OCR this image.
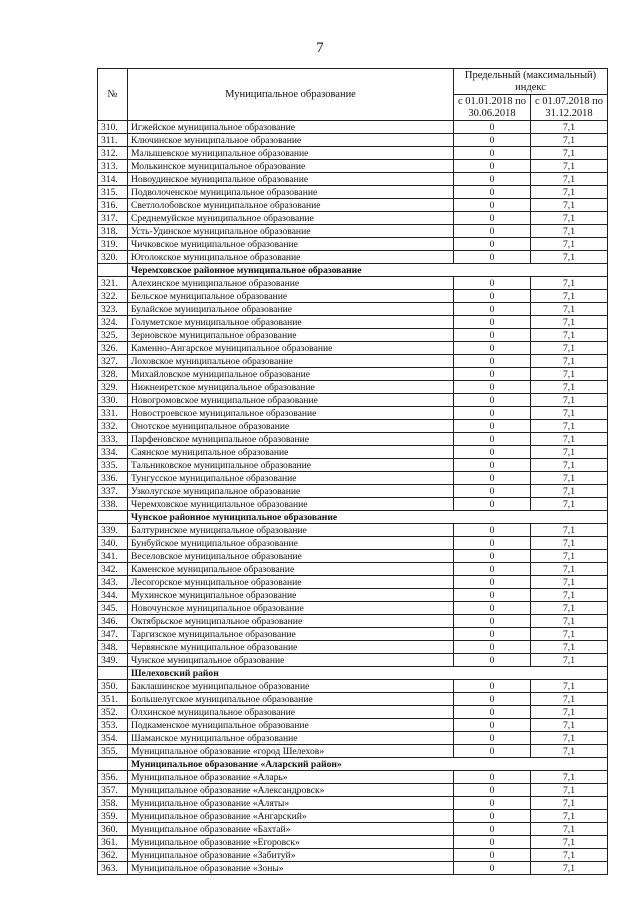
7
№	Муниципальное образование	Предельный (максимальный) индекс	
		с 01.01.2018 по 30.06.2018	с 01.07.2018 по 31.12.2018
310.	Игжейское муниципальное образование	0	7,1
311.	Ключинское муниципальное образование	0	7,1
312.	Малышевское муниципальное образование	0	7,1
313.	Молькинское муниципальное образование	0	7,1
314.	Новоудинское муниципальное образование	0	7,1
315.	Подволоченское муниципальное образование	0	7,1
316.	Светлолобовское муниципальное образование	0	7,1
317.	Среднемуйское муниципальное образование	0	7,1
318.	Усть-Удинское муниципальное образование	0	7,1
319.	Чичковское муниципальное образование	0	7,1
320.	Юголокское муниципальное образование	0	7,1
	Черемховское районное муниципальное образование		
321.	Алехинское муниципальное образование	0	7,1
322.	Бельское муниципальное образование	0	7,1
323.	Булайское муниципальное образование	0	7,1
324.	Голуметское муниципальное образование	0	7,1
325.	Зерновское муниципальное образование	0	7,1
326.	Каменно-Ангарское муниципальное образование	0	7,1
327.	Лоховское муниципальное образование	0	7,1
328.	Михайловское муниципальное образование	0	7,1
329.	Нижнеиретское муниципальное образование	0	7,1
330.	Новогромовское муниципальное образование	0	7,1
331.	Новостроевское муниципальное образование	0	7,1
332.	Онотское муниципальное образование	0	7,1
333.	Парфеновское муниципальное образование	0	7,1
334.	Саянское муниципальное образование	0	7,1
335.	Тальниковское муниципальное образование	0	7,1
336.	Тунгусское муниципальное образование	0	7,1
337.	Узколугское муниципальное образование	0	7,1
338.	Черемховское муниципальное образование	0	7,1
	Чунское районное муниципальное образование		
339.	Балтуринское муниципальное образование	0	7,1
340.	Бунбуйское муниципальное образование	0	7,1
341.	Веселовское муниципальное образование	0	7,1
342.	Каменское муниципальное образование	0	7,1
343.	Лесогорское муниципальное образование	0	7,1
344.	Мухинское муниципальное образование	0	7,1
345.	Новочунское муниципальное образование	0	7,1
346.	Октябрьское муниципальное образование	0	7,1
347.	Таргизское муниципальное образование	0	7,1
348.	Червянское муниципальное образование	0	7,1
349.	Чунское муниципальное образование	0	7,1
	Шелеховский район		
350.	Баклашинское муниципальное образование	0	7,1
351.	Большелугское муниципальное образование	0	7,1
352.	Олхинское муниципальное образование	0	7,1
353.	Подкаменское муниципальное образование	0	7,1
354.	Шаманское муниципальное образование	0	7,1
355.	Муниципальное образование «город Шелехов»	0	7,1
	Муниципальное образование «Аларский район»		
356.	Муниципальное образование «Аларь»	0	7,1
357.	Муниципальное образование «Александровск»	0	7,1
358.	Муниципальное образование «Аляты»	0	7,1
359.	Муниципальное образование «Ангарский»	0	7,1
360.	Муниципальное образование «Бахтай»	0	7,1
361.	Муниципальное образование «Егоровск»	0	7,1
362.	Муниципальное образование «Забитуй»	0	7,1
363.	Муниципальное образование «Зоны»	0	7,1
